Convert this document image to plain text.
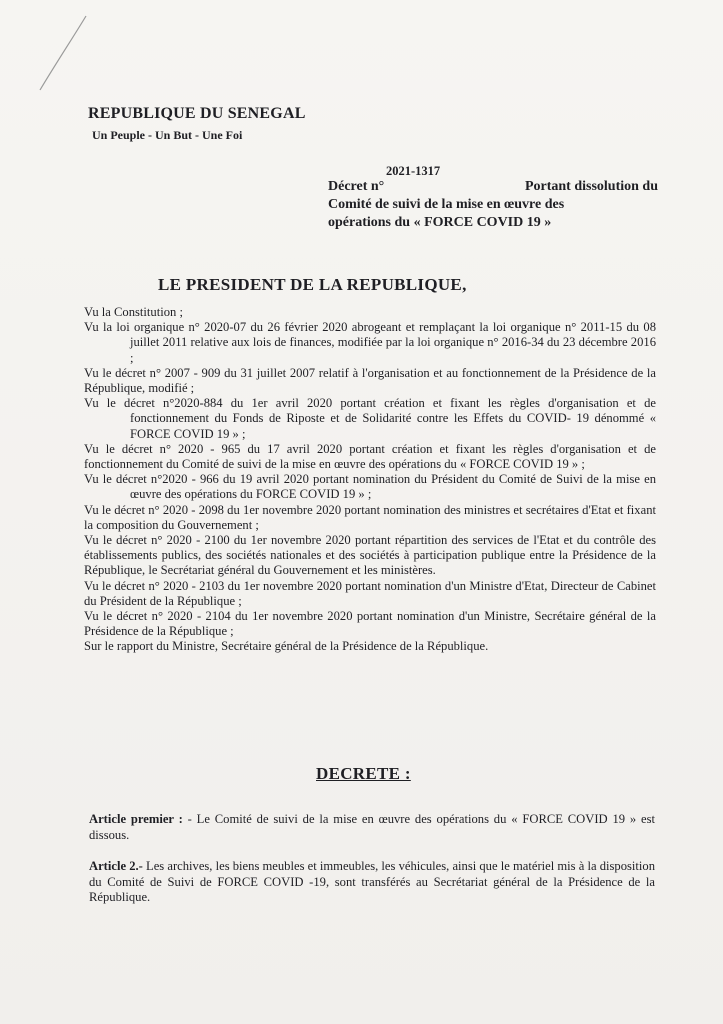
REPUBLIQUE DU SENEGAL
Un Peuple - Un But - Une Foi
2021-1317
Décret n°	Portant dissolution du
Comité de suivi de la mise en œuvre des
opérations du « FORCE COVID 19 »
LE PRESIDENT DE LA REPUBLIQUE,

Vu la Constitution ;

Vu la loi organique n° 2020-07 du 26 février 2020 abrogeant et remplaçant la loi organique n° 2011-15 du 08 juillet 2011 relative aux lois de finances, modifiée par la loi organique n° 2016-34 du 23 décembre 2016 ;

Vu le décret n° 2007 - 909 du 31 juillet 2007 relatif à l'organisation et au fonctionnement de la Présidence de la République, modifié ;

Vu le décret n°2020-884 du 1er avril 2020 portant création et fixant les règles d'organisation et de fonctionnement du Fonds de Riposte et de Solidarité contre les Effets du COVID- 19 dénommé « FORCE COVID 19 » ;

Vu le décret n° 2020 - 965 du 17 avril 2020 portant création et fixant les règles d'organisation et de fonctionnement du Comité de suivi de la mise en œuvre des opérations du « FORCE COVID 19 » ;

Vu le décret n°2020 - 966 du 19 avril 2020 portant nomination du Président du Comité de Suivi de la mise en œuvre des opérations du FORCE COVID 19 » ;

Vu le décret n° 2020 - 2098 du 1er novembre 2020 portant nomination des ministres et secrétaires d'Etat et fixant la composition du Gouvernement ;

Vu le décret n° 2020 - 2100 du 1er novembre 2020 portant répartition des services de l'Etat et du contrôle des établissements publics, des sociétés nationales et des sociétés à participation publique entre la Présidence de la République, le Secrétariat général du Gouvernement et les ministères.

Vu le décret n° 2020 - 2103 du 1er novembre 2020 portant nomination d'un Ministre d'Etat, Directeur de Cabinet du Président de la République ;

Vu le décret n° 2020 - 2104 du 1er novembre 2020 portant nomination d'un Ministre, Secrétaire général de la Présidence de la République ;

Sur le rapport du Ministre, Secrétaire général de la Présidence de la République.

DECRETE :

Article premier : - Le Comité de suivi de la mise en œuvre des opérations du « FORCE COVID 19 » est dissous.

Article 2.- Les archives, les biens meubles et immeubles, les véhicules, ainsi que le matériel mis à la disposition du Comité de Suivi de FORCE COVID -19, sont transférés au Secrétariat général de la Présidence de la République.
